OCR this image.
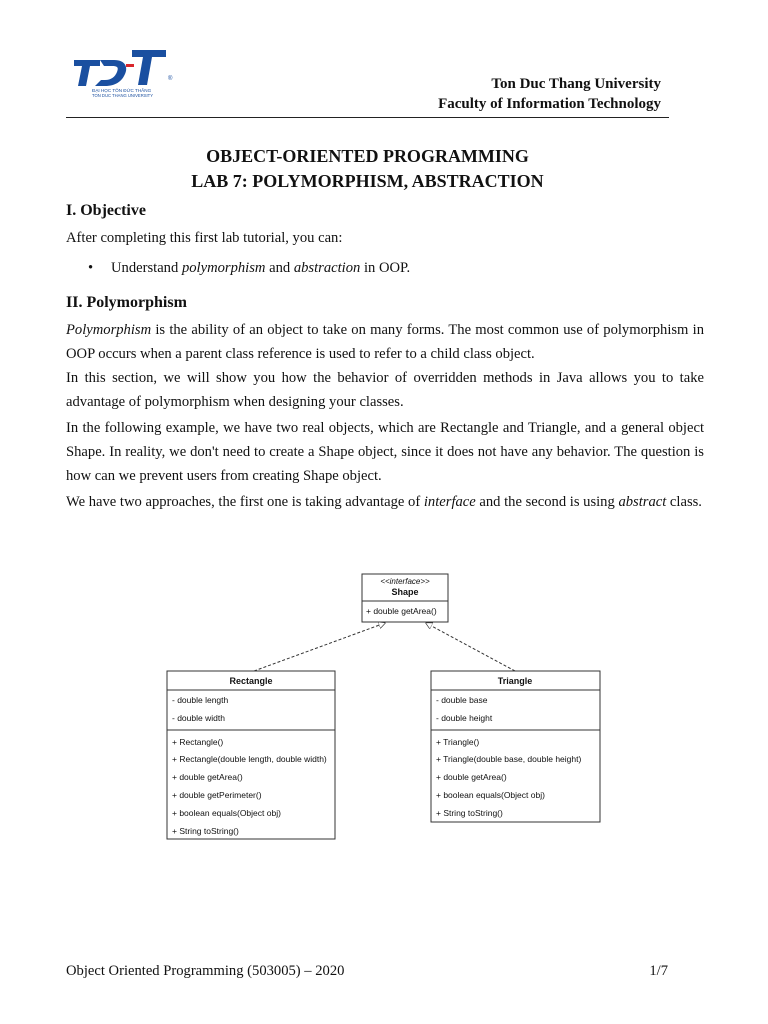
ĐẠI HỌC TÔN ĐỨC THẮNG
TON DUC THANG UNIVERSITY
®	Ton Duc Thang University
Faculty of Information Technology
OBJECT-ORIENTED PROGRAMMING
LAB 7: POLYMORPHISM, ABSTRACTION
I. Objective

After completing this first lab tutorial, you can:

• Understand polymorphism and abstraction in OOP.
II. Polymorphism

Polymorphism is the ability of an object to take on many forms. The most common use of polymorphism in OOP occurs when a parent class reference is used to refer to a child class object.

In this section, we will show you how the behavior of overridden methods in Java allows you to take advantage of polymorphism when designing your classes.

In the following example, we have two real objects, which are Rectangle and Triangle, and a general object Shape. In reality, we don't need to create a Shape object, since it does not have any behavior. The question is how can we prevent users from creating Shape object.

We have two approaches, the first one is taking advantage of interface and the second is using abstract class.

<<interface>>
Shape
+ double getArea()
Rectangle
- double length
- double width
+ Rectangle()
+ Rectangle(double length, double width)
+ double getArea()
+ double getPerimeter()
+ boolean equals(Object obj)
+ String toString()
Triangle
- double base
- double height
+ Triangle()
+ Triangle(double base, double height)
+ double getArea()
+ boolean equals(Object obj)
+ String toString()
Object Oriented Programming (503005) – 2020	1/7
